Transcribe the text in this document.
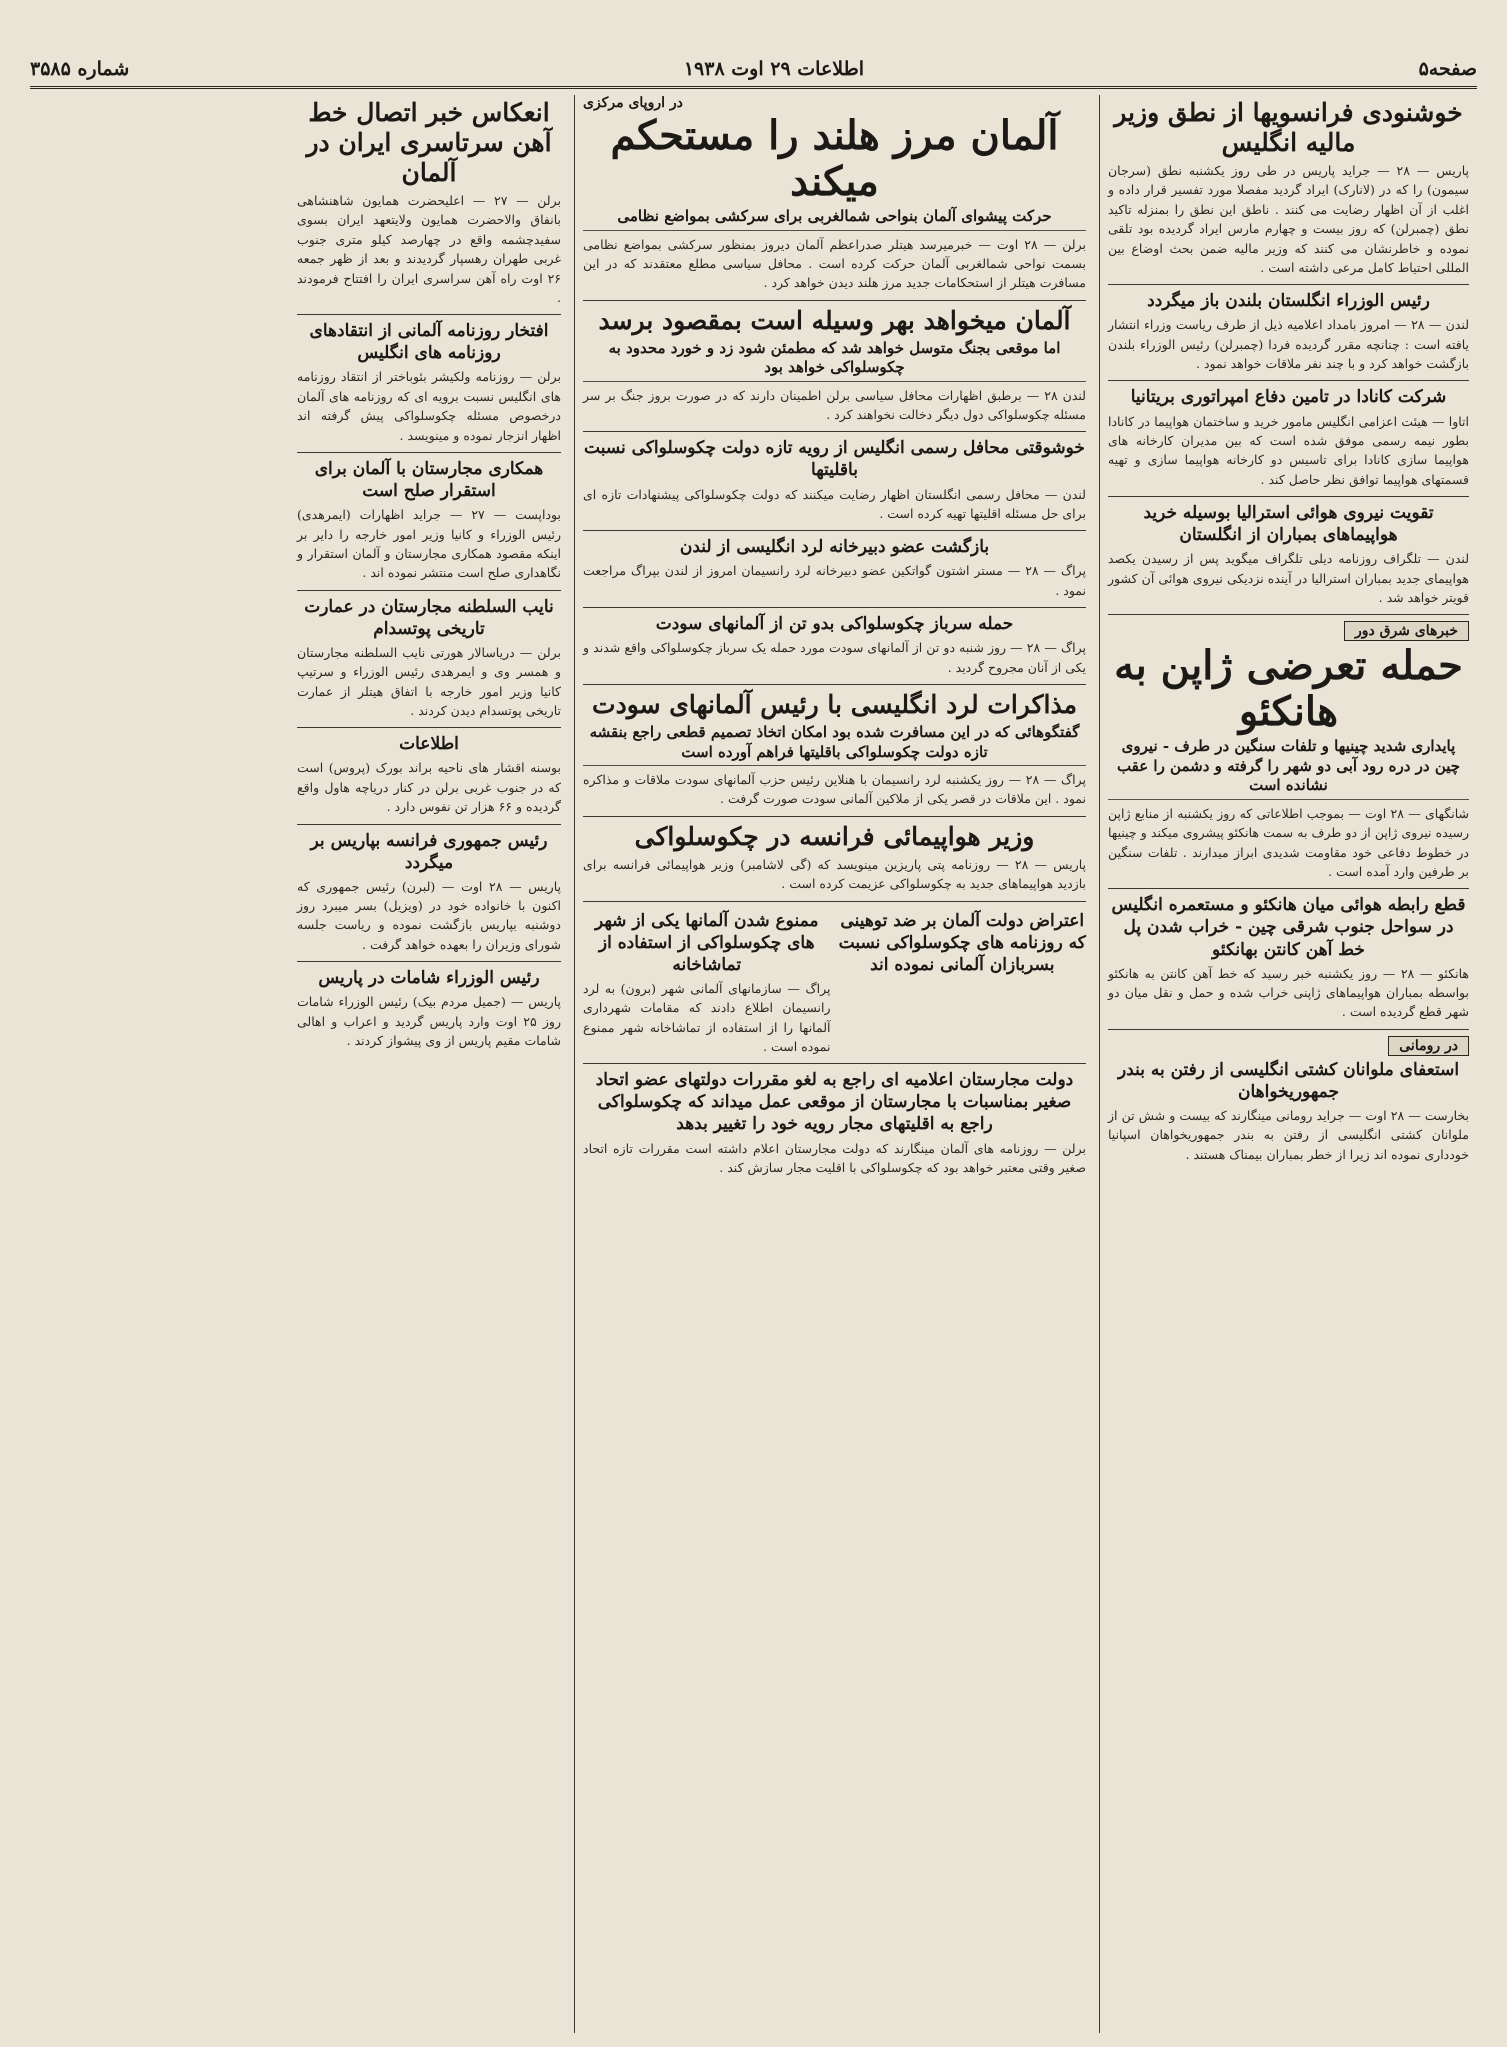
صفحه۵
اطلاعات ۲۹ اوت ۱۹۳۸
شماره ۳۵۸۵
خوشنودی فرانسویها از نطق وزیر مالیه انگلیس
پاریس — ۲۸ — جراید پاریس در طی روز یکشنبه نطق (سرجان سیمون) را که در (لانارک) ایراد گردید مفصلا مورد تفسیر قرار داده و اغلب از آن اظهار رضایت می کنند . ناطق این نطق را بمنزله تاکید نطق (چمبرلن) که روز بیست و چهارم مارس ایراد گردیده بود تلقی نموده و خاطرنشان می کنند که وزیر مالیه ضمن بحث اوضاع بین المللی احتیاط کامل مرعی داشته است .
رئیس الوزراء انگلستان بلندن باز میگردد
لندن — ۲۸ — امروز بامداد اعلامیه ذیل از طرف ریاست وزراء انتشار یافته است : چنانچه مقرر گردیده فردا (چمبرلن) رئیس الوزراء بلندن بازگشت خواهد کرد و با چند نفر ملاقات خواهد نمود .
شرکت کانادا در تامین دفاع امپراتوری بریتانیا
اتاوا — هیئت اعزامی انگلیس مامور خرید و ساختمان هواپیما در کانادا بطور نیمه رسمی موفق شده است که بین مدیران کارخانه های هواپیما سازی کانادا برای تاسیس دو کارخانه هواپیما سازی و تهیه قسمتهای هواپیما توافق نظر حاصل کند .
تقویت نیروی هوائی استرالیا بوسیله خرید هواپیماهای بمباران از انگلستان
لندن — تلگراف روزنامه دیلی تلگراف میگوید پس از رسیدن یکصد هواپیمای جدید بمباران استرالیا در آینده نزدیکی نیروی هوائی آن کشور قویتر خواهد شد .
خبرهای شرق دور
حمله تعرضی ژاپن به هانکئو
پایداری شدید چینیها و تلفات سنگین در طرف - نیروی چین در دره رود آبی دو شهر را گرفته و دشمن را عقب نشانده است
شانگهای — ۲۸ اوت — بموجب اطلاعاتی که روز یکشنبه از منابع ژاپن رسیده نیروی ژاپن از دو طرف به سمت هانکئو پیشروی میکند و چینیها در خطوط دفاعی خود مقاومت شدیدی ابراز میدارند . تلفات سنگین بر طرفین وارد آمده است .
قطع رابطه هوائی میان هانکئو و مستعمره انگلیس در سواحل جنوب شرقی چین - خراب شدن پل خط آهن کانتن بهانکئو
هانکئو — ۲۸ — روز یکشنبه خبر رسید که خط آهن کانتن به هانکئو بواسطه بمباران هواپیماهای ژاپنی خراب شده و حمل و نقل میان دو شهر قطع گردیده است .
در رومانی
استعفای ملوانان کشتی انگلیسی از رفتن به بندر جمهوریخواهان
بخارست — ۲۸ اوت — جراید رومانی مینگارند که بیست و شش تن از ملوانان کشتی انگلیسی از رفتن به بندر جمهوریخواهان اسپانیا خودداری نموده اند زیرا از خطر بمباران بیمناک هستند .
در اروپای مرکزی
آلمان مرز هلند را مستحکم میکند
حرکت پیشوای آلمان بنواحی شمالغربی برای سرکشی بمواضع نظامی
برلن — ۲۸ اوت — خبرمیرسد هیتلر صدراعظم آلمان دیروز بمنظور سرکشی بمواضع نظامی بسمت نواحی شمالغربی آلمان حرکت کرده است . محافل سیاسی مطلع معتقدند که در این مسافرت هیتلر از استحکامات جدید مرز هلند دیدن خواهد کرد .
آلمان میخواهد بهر وسیله است بمقصود برسد
اما موقعی بجنگ متوسل خواهد شد که مطمئن شود زد و خورد محدود به چکوسلواکی خواهد بود
لندن ۲۸ — برطبق اظهارات محافل سیاسی برلن اطمینان دارند که در صورت بروز جنگ بر سر مسئله چکوسلواکی دول دیگر دخالت نخواهند کرد .
خوشوقتی محافل رسمی انگلیس از رویه تازه دولت چکوسلواکی نسبت باقلیتها
لندن — محافل رسمی انگلستان اظهار رضایت میکنند که دولت چکوسلواکی پیشنهادات تازه ای برای حل مسئله اقلیتها تهیه کرده است .
بازگشت عضو دبیرخانه لرد انگلیسی از لندن
پراگ — ۲۸ — مستر اشتون گواتکین عضو دبیرخانه لرد رانسیمان امروز از لندن بپراگ مراجعت نمود .
حمله سرباز چکوسلواکی بدو تن از آلمانهای سودت
پراگ — ۲۸ — روز شنبه دو تن از آلمانهای سودت مورد حمله یک سرباز چکوسلواکی واقع شدند و یکی از آنان مجروح گردید .
مذاکرات لرد انگلیسی با رئیس آلمانهای سودت
گفتگوهائی که در این مسافرت شده بود امکان اتخاذ تصمیم قطعی راجع بنقشه تازه دولت چکوسلواکی باقلیتها فراهم آورده است
پراگ — ۲۸ — روز یکشنبه لرد رانسیمان با هنلاین رئیس حزب آلمانهای سودت ملاقات و مذاکره نمود . این ملاقات در قصر یکی از ملاکین آلمانی سودت صورت گرفت .
وزیر هواپیمائی فرانسه در چکوسلواکی
پاریس — ۲۸ — روزنامه پتی پاریزین مینویسد که (گی لاشامبر) وزیر هواپیمائی فرانسه برای بازدید هواپیماهای جدید به چکوسلواکی عزیمت کرده است .
اعتراض دولت آلمان بر ضد توهینی که روزنامه های چکوسلواکی نسبت بسربازان آلمانی نموده اند
ممنوع شدن آلمانها یکی از شهر های چکوسلواکی از استفاده از تماشاخانه
پراگ — سازمانهای آلمانی شهر (برون) به لرد رانسیمان اطلاع دادند که مقامات شهرداری آلمانها را از استفاده از تماشاخانه شهر ممنوع نموده است .
دولت مجارستان اعلامیه ای راجع به لغو مقررات دولتهای عضو اتحاد صغیر بمناسبات با مجارستان از موقعی عمل میداند که چکوسلواکی راجع به اقلیتهای مجار رویه خود را تغییر بدهد
برلن — روزنامه های آلمان مینگارند که دولت مجارستان اعلام داشته است مقررات تازه اتحاد صغیر وقتی معتبر خواهد بود که چکوسلواکی با اقلیت مجار سازش کند .
انعکاس خبر اتصال خط آهن سرتاسری ایران در آلمان
برلن — ۲۷ — اعلیحضرت همایون شاهنشاهی بانفاق والاحضرت همایون ولایتعهد ایران بسوی سفیدچشمه واقع در چهارصد کیلو متری جنوب غربی طهران رهسپار گردیدند و بعد از ظهر جمعه ۲۶ اوت راه آهن سراسری ایران را افتتاح فرمودند .
افتخار روزنامه آلمانی از انتقادهای روزنامه های انگلیس
برلن — روزنامه ولکیشر بئوباختر از انتقاد روزنامه های انگلیس نسبت برویه ای که روزنامه های آلمان درخصوص مسئله چکوسلواکی پیش گرفته اند اظهار انزجار نموده و مینویسد .
همکاری مجارستان با آلمان برای استقرار صلح است
بوداپست — ۲۷ — جراید اظهارات (ایمرهدی) رئیس الوزراء و کانیا وزیر امور خارجه را دایر بر اینکه مقصود همکاری مجارستان و آلمان استقرار و نگاهداری صلح است منتشر نموده اند .
نایب السلطنه مجارستان در عمارت تاریخی پوتسدام
برلن — دریاسالار هورتی نایب السلطنه مجارستان و همسر وی و ایمرهدی رئیس الوزراء و سرتیپ کانیا وزیر امور خارجه با اتفاق هیتلر از عمارت تاریخی پوتسدام دیدن کردند .
اطلاعات
بوسنه اقشار های ناحیه براند بورک (پروس) است که در جنوب غربی برلن در کنار دریاچه هاول واقع گردیده و ۶۶ هزار تن نفوس دارد .
رئیس جمهوری فرانسه بپاریس بر میگردد
پاریس — ۲۸ اوت — (لبرن) رئیس جمهوری که اکنون با خانواده خود در (ویزیل) بسر میبرد روز دوشنبه بپاریس بازگشت نموده و ریاست جلسه شورای وزیران را بعهده خواهد گرفت .
رئیس الوزراء شامات در پاریس
پاریس — (جمیل مردم بیک) رئیس الوزراء شامات روز ۲۵ اوت وارد پاریس گردید و اعراب و اهالی شامات مقیم پاریس از وی پیشواز کردند .
